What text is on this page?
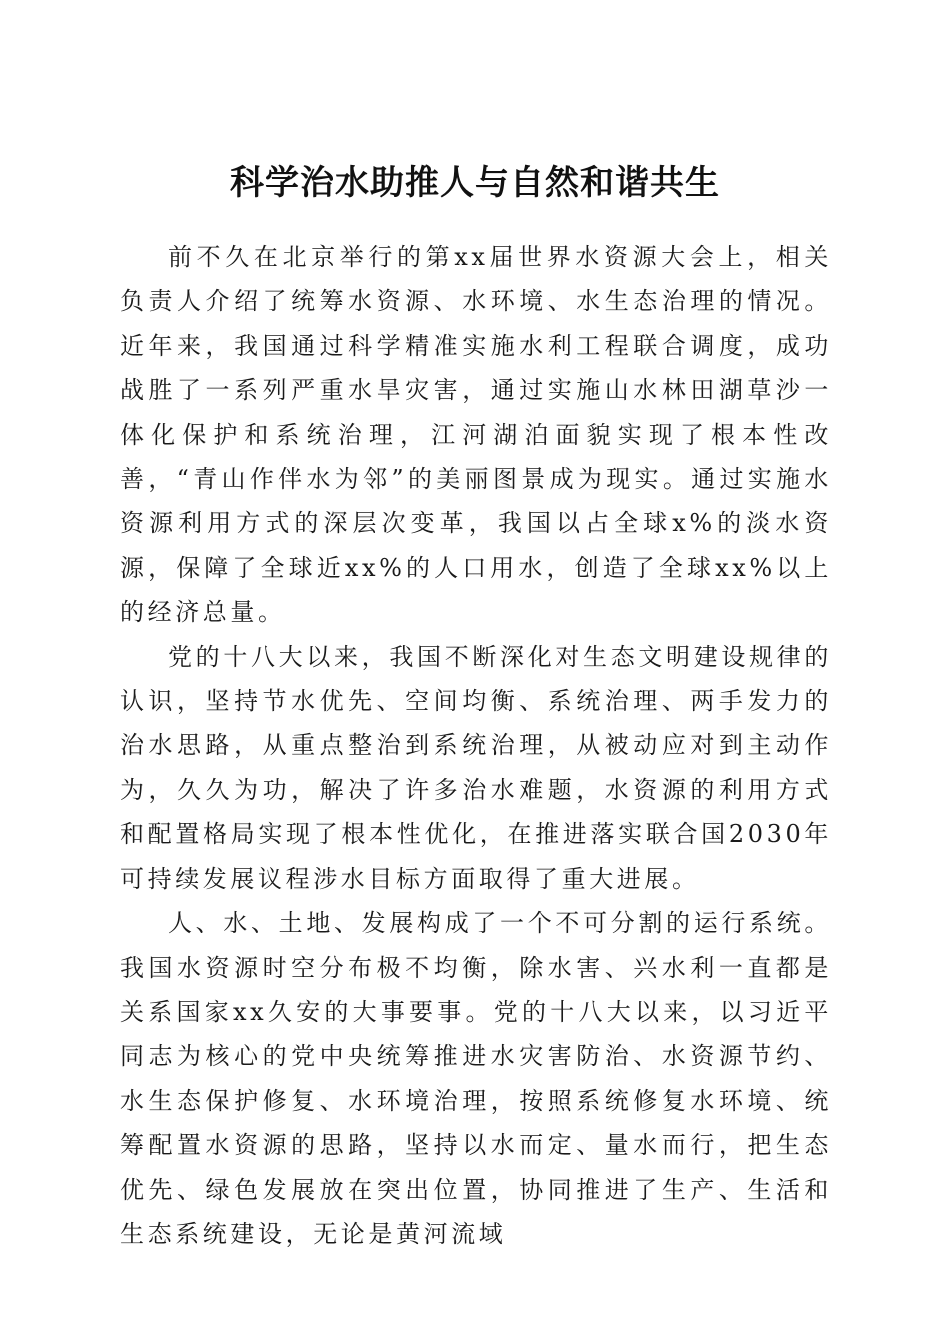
科学治水助推人与自然和谐共生

前不久在北京举行的第xx届世界水资源大会上，相关负责人介绍了统筹水资源、水环境、水生态治理的情况。近年来，我国通过科学精准实施水利工程联合调度，成功战胜了一系列严重水旱灾害，通过实施山水林田湖草沙一体化保护和系统治理，江河湖泊面貌实现了根本性改善，“青山作伴水为邻”的美丽图景成为现实。通过实施水资源利用方式的深层次变革，我国以占全球x%的淡水资源，保障了全球近xx%的人口用水，创造了全球xx%以上的经济总量。

党的十八大以来，我国不断深化对生态文明建设规律的认识，坚持节水优先、空间均衡、系统治理、两手发力的治水思路，从重点整治到系统治理，从被动应对到主动作为，久久为功，解决了许多治水难题，水资源的利用方式和配置格局实现了根本性优化，在推进落实联合国2030年可持续发展议程涉水目标方面取得了重大进展。

人、水、土地、发展构成了一个不可分割的运行系统。我国水资源时空分布极不均衡，除水害、兴水利一直都是关系国家xx久安的大事要事。党的十八大以来，以习近平同志为核心的党中央统筹推进水灾害防治、水资源节约、水生态保护修复、水环境治理，按照系统修复水环境、统筹配置水资源的思路，坚持以水而定、量水而行，把生态优先、绿色发展放在突出位置，协同推进了生产、生活和生态系统建设，无论是黄河流域
